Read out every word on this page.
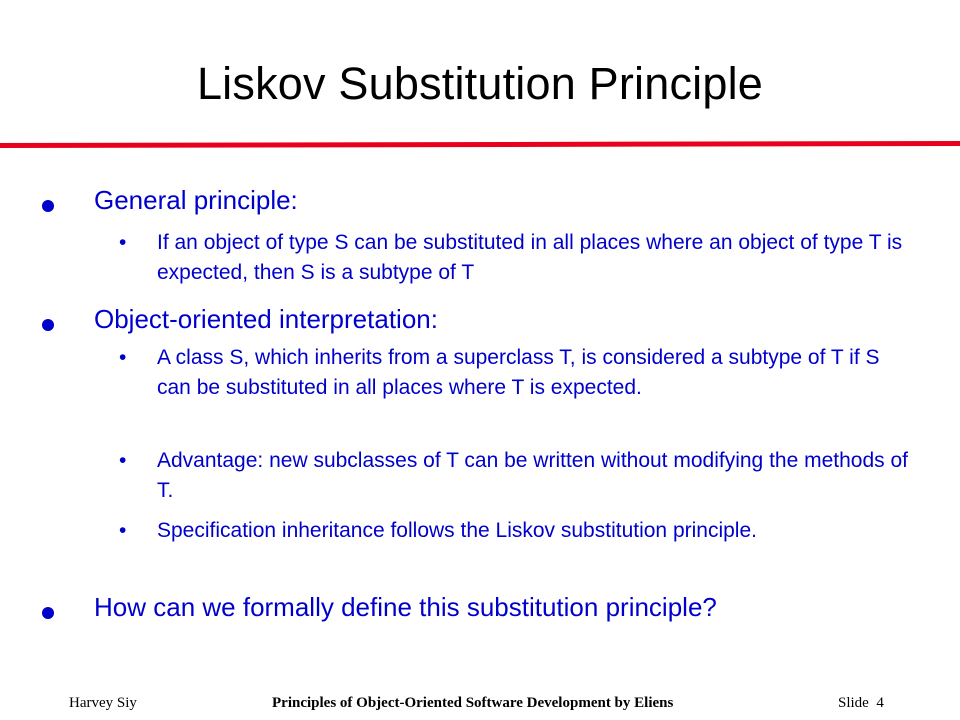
Liskov Substitution Principle
General principle:
• If an object of type S can be substituted in all places where an object of type T is expected, then S is a subtype of T
Object-oriented interpretation:
• A class S, which inherits from a superclass T, is considered a subtype of T if S can be substituted in all places where T is expected.
• Advantage: new subclasses of T can be written without modifying the methods of T.
• Specification inheritance follows the Liskov substitution principle.
How can we formally define this substitution principle?
Harvey Siy	Principles of Object-Oriented Software Development by Eliens	Slide 4
